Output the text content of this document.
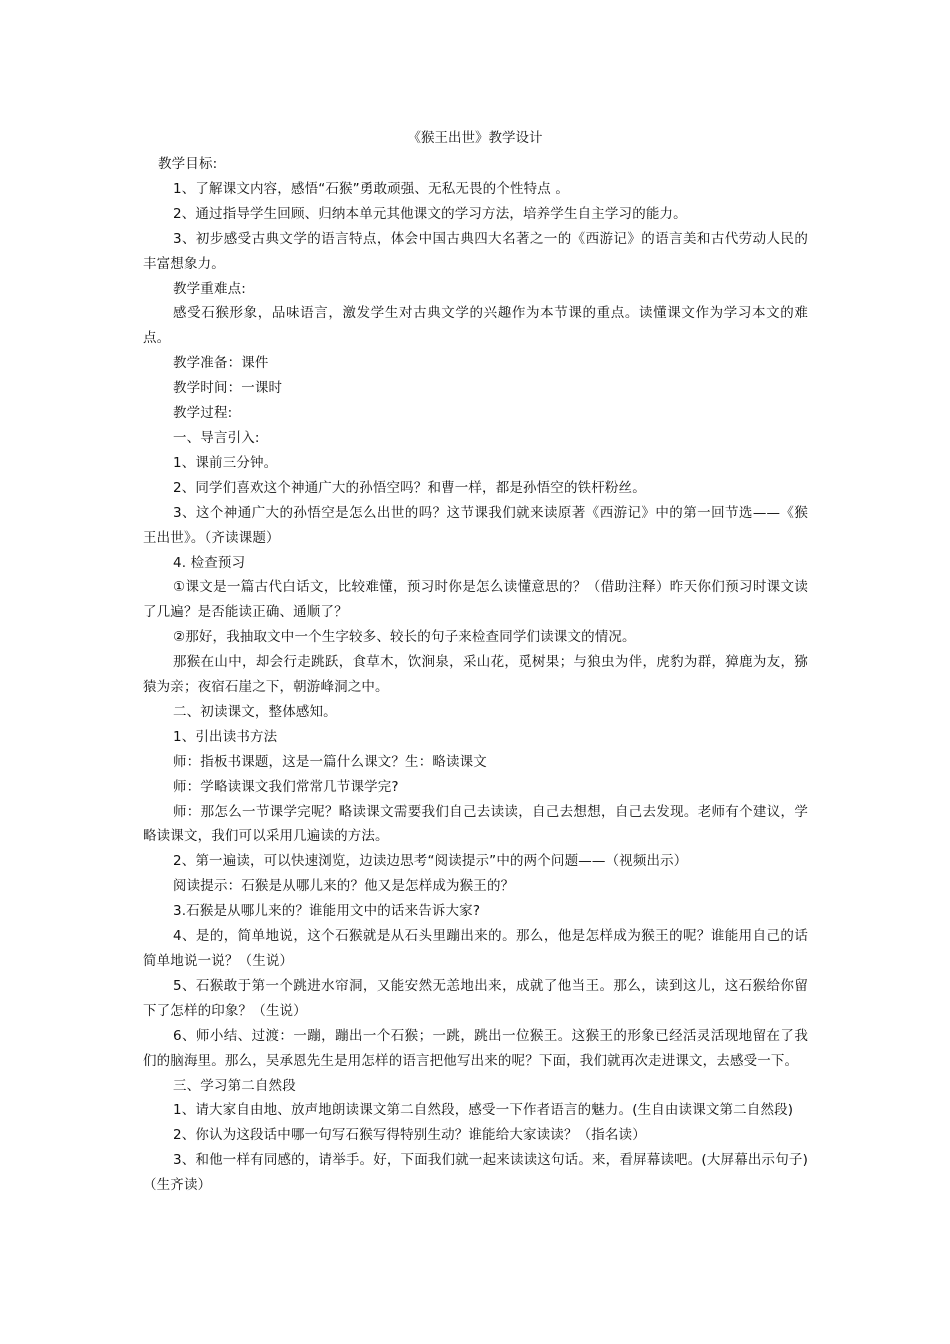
《猴王出世》教学设计

教学目标:

1、了解课文内容，感悟“石猴”勇敢顽强、无私无畏的个性特点 。

2、通过指导学生回顾、归纳本单元其他课文的学习方法，培养学生自主学习的能力。

3、初步感受古典文学的语言特点，体会中国古典四大名著之一的《西游记》的语言美和古代劳动人民的丰富想象力。

教学重难点:

感受石猴形象，品味语言，激发学生对古典文学的兴趣作为本节课的重点。读懂课文作为学习本文的难点。

教学准备：课件

教学时间：一课时

教学过程:

一、导言引入:

1、课前三分钟。

2、同学们喜欢这个神通广大的孙悟空吗？和曹一样，都是孙悟空的铁杆粉丝。

3、这个神通广大的孙悟空是怎么出世的吗？这节课我们就来读原著《西游记》中的第一回节选——《猴王出世》。（齐读课题）

4. 检查预习

①课文是一篇古代白话文，比较难懂，预习时你是怎么读懂意思的？（借助注释）昨天你们预习时课文读了几遍？是否能读正确、通顺了？

②那好，我抽取文中一个生字较多、较长的句子来检查同学们读课文的情况。

那猴在山中，却会行走跳跃，食草木，饮涧泉，采山花，觅树果；与狼虫为伴，虎豹为群，獐鹿为友，猕猿为亲；夜宿石崖之下，朝游峰洞之中。

二、初读课文，整体感知。

1、引出读书方法

师：指板书课题，这是一篇什么课文？生：略读课文

师：学略读课文我们常常几节课学完?

师：那怎么一节课学完呢？略读课文需要我们自己去读读，自己去想想，自己去发现。老师有个建议，学略读课文，我们可以采用几遍读的方法。

2、第一遍读，可以快速浏览，边读边思考“阅读提示”中的两个问题——（视频出示）

阅读提示：石猴是从哪儿来的？他又是怎样成为猴王的？

3.石猴是从哪儿来的？谁能用文中的话来告诉大家?

4、是的，简单地说，这个石猴就是从石头里蹦出来的。那么，他是怎样成为猴王的呢？谁能用自己的话简单地说一说？（生说）

5、石猴敢于第一个跳进水帘洞，又能安然无恙地出来，成就了他当王。那么，读到这儿，这石猴给你留下了怎样的印象？（生说）

6、师小结、过渡：一蹦，蹦出一个石猴；一跳，跳出一位猴王。这猴王的形象已经活灵活现地留在了我们的脑海里。那么，吴承恩先生是用怎样的语言把他写出来的呢？下面，我们就再次走进课文，去感受一下。

三、学习第二自然段

1、请大家自由地、放声地朗读课文第二自然段，感受一下作者语言的魅力。(生自由读课文第二自然段)

2、你认为这段话中哪一句写石猴写得特别生动？谁能给大家读读？（指名读）

3、和他一样有同感的，请举手。好，下面我们就一起来读读这句话。来，看屏幕读吧。(大屏幕出示句子)（生齐读）
